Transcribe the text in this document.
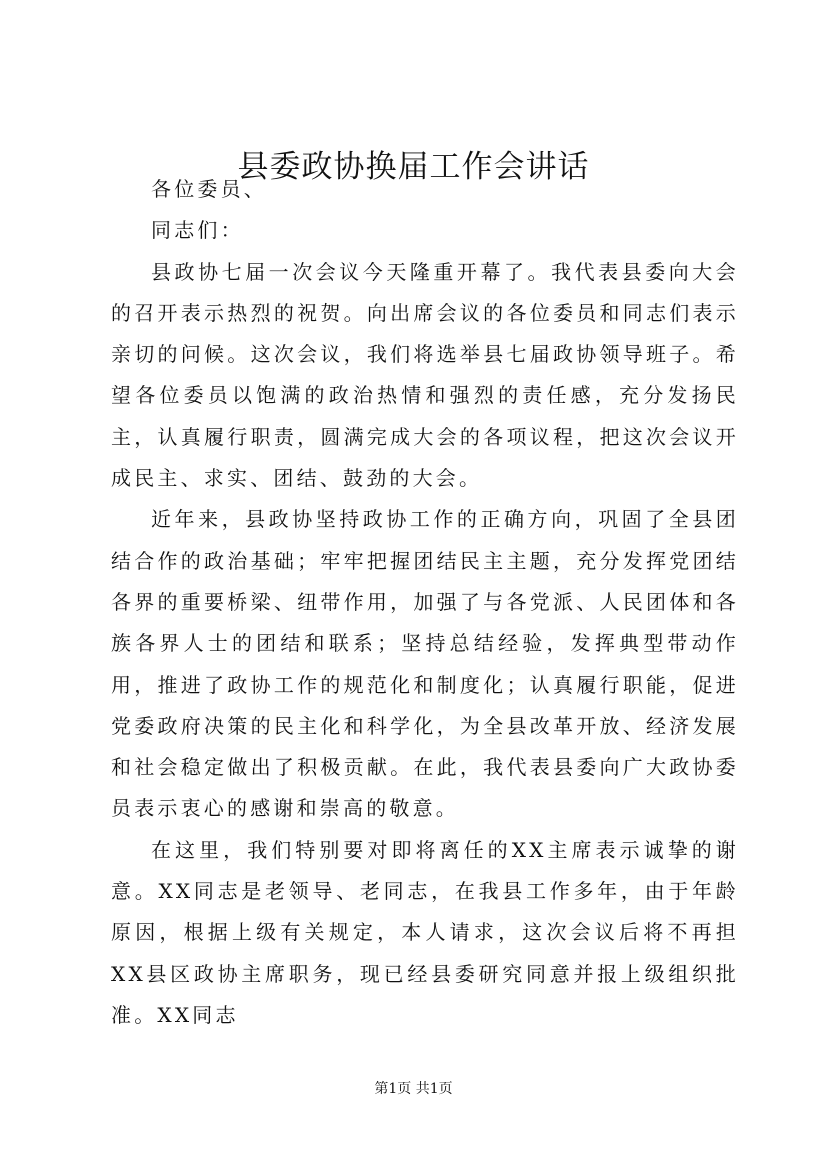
县委政协换届工作会讲话

各位委员、

同志们：

县政协七届一次会议今天隆重开幕了。我代表县委向大会的召开表示热烈的祝贺。向出席会议的各位委员和同志们表示亲切的问候。这次会议，我们将选举县七届政协领导班子。希望各位委员以饱满的政治热情和强烈的责任感，充分发扬民主，认真履行职责，圆满完成大会的各项议程，把这次会议开成民主、求实、团结、鼓劲的大会。

近年来，县政协坚持政协工作的正确方向，巩固了全县团结合作的政治基础；牢牢把握团结民主主题，充分发挥党团结各界的重要桥梁、纽带作用，加强了与各党派、人民团体和各族各界人士的团结和联系；坚持总结经验，发挥典型带动作用，推进了政协工作的规范化和制度化；认真履行职能，促进党委政府决策的民主化和科学化，为全县改革开放、经济发展和社会稳定做出了积极贡献。在此，我代表县委向广大政协委员表示衷心的感谢和崇高的敬意。

在这里，我们特别要对即将离任的XX主席表示诚挚的谢意。XX同志是老领导、老同志，在我县工作多年，由于年龄原因，根据上级有关规定，本人请求，这次会议后将不再担XX县区政协主席职务，现已经县委研究同意并报上级组织批准。XX同志

第1页 共1页
